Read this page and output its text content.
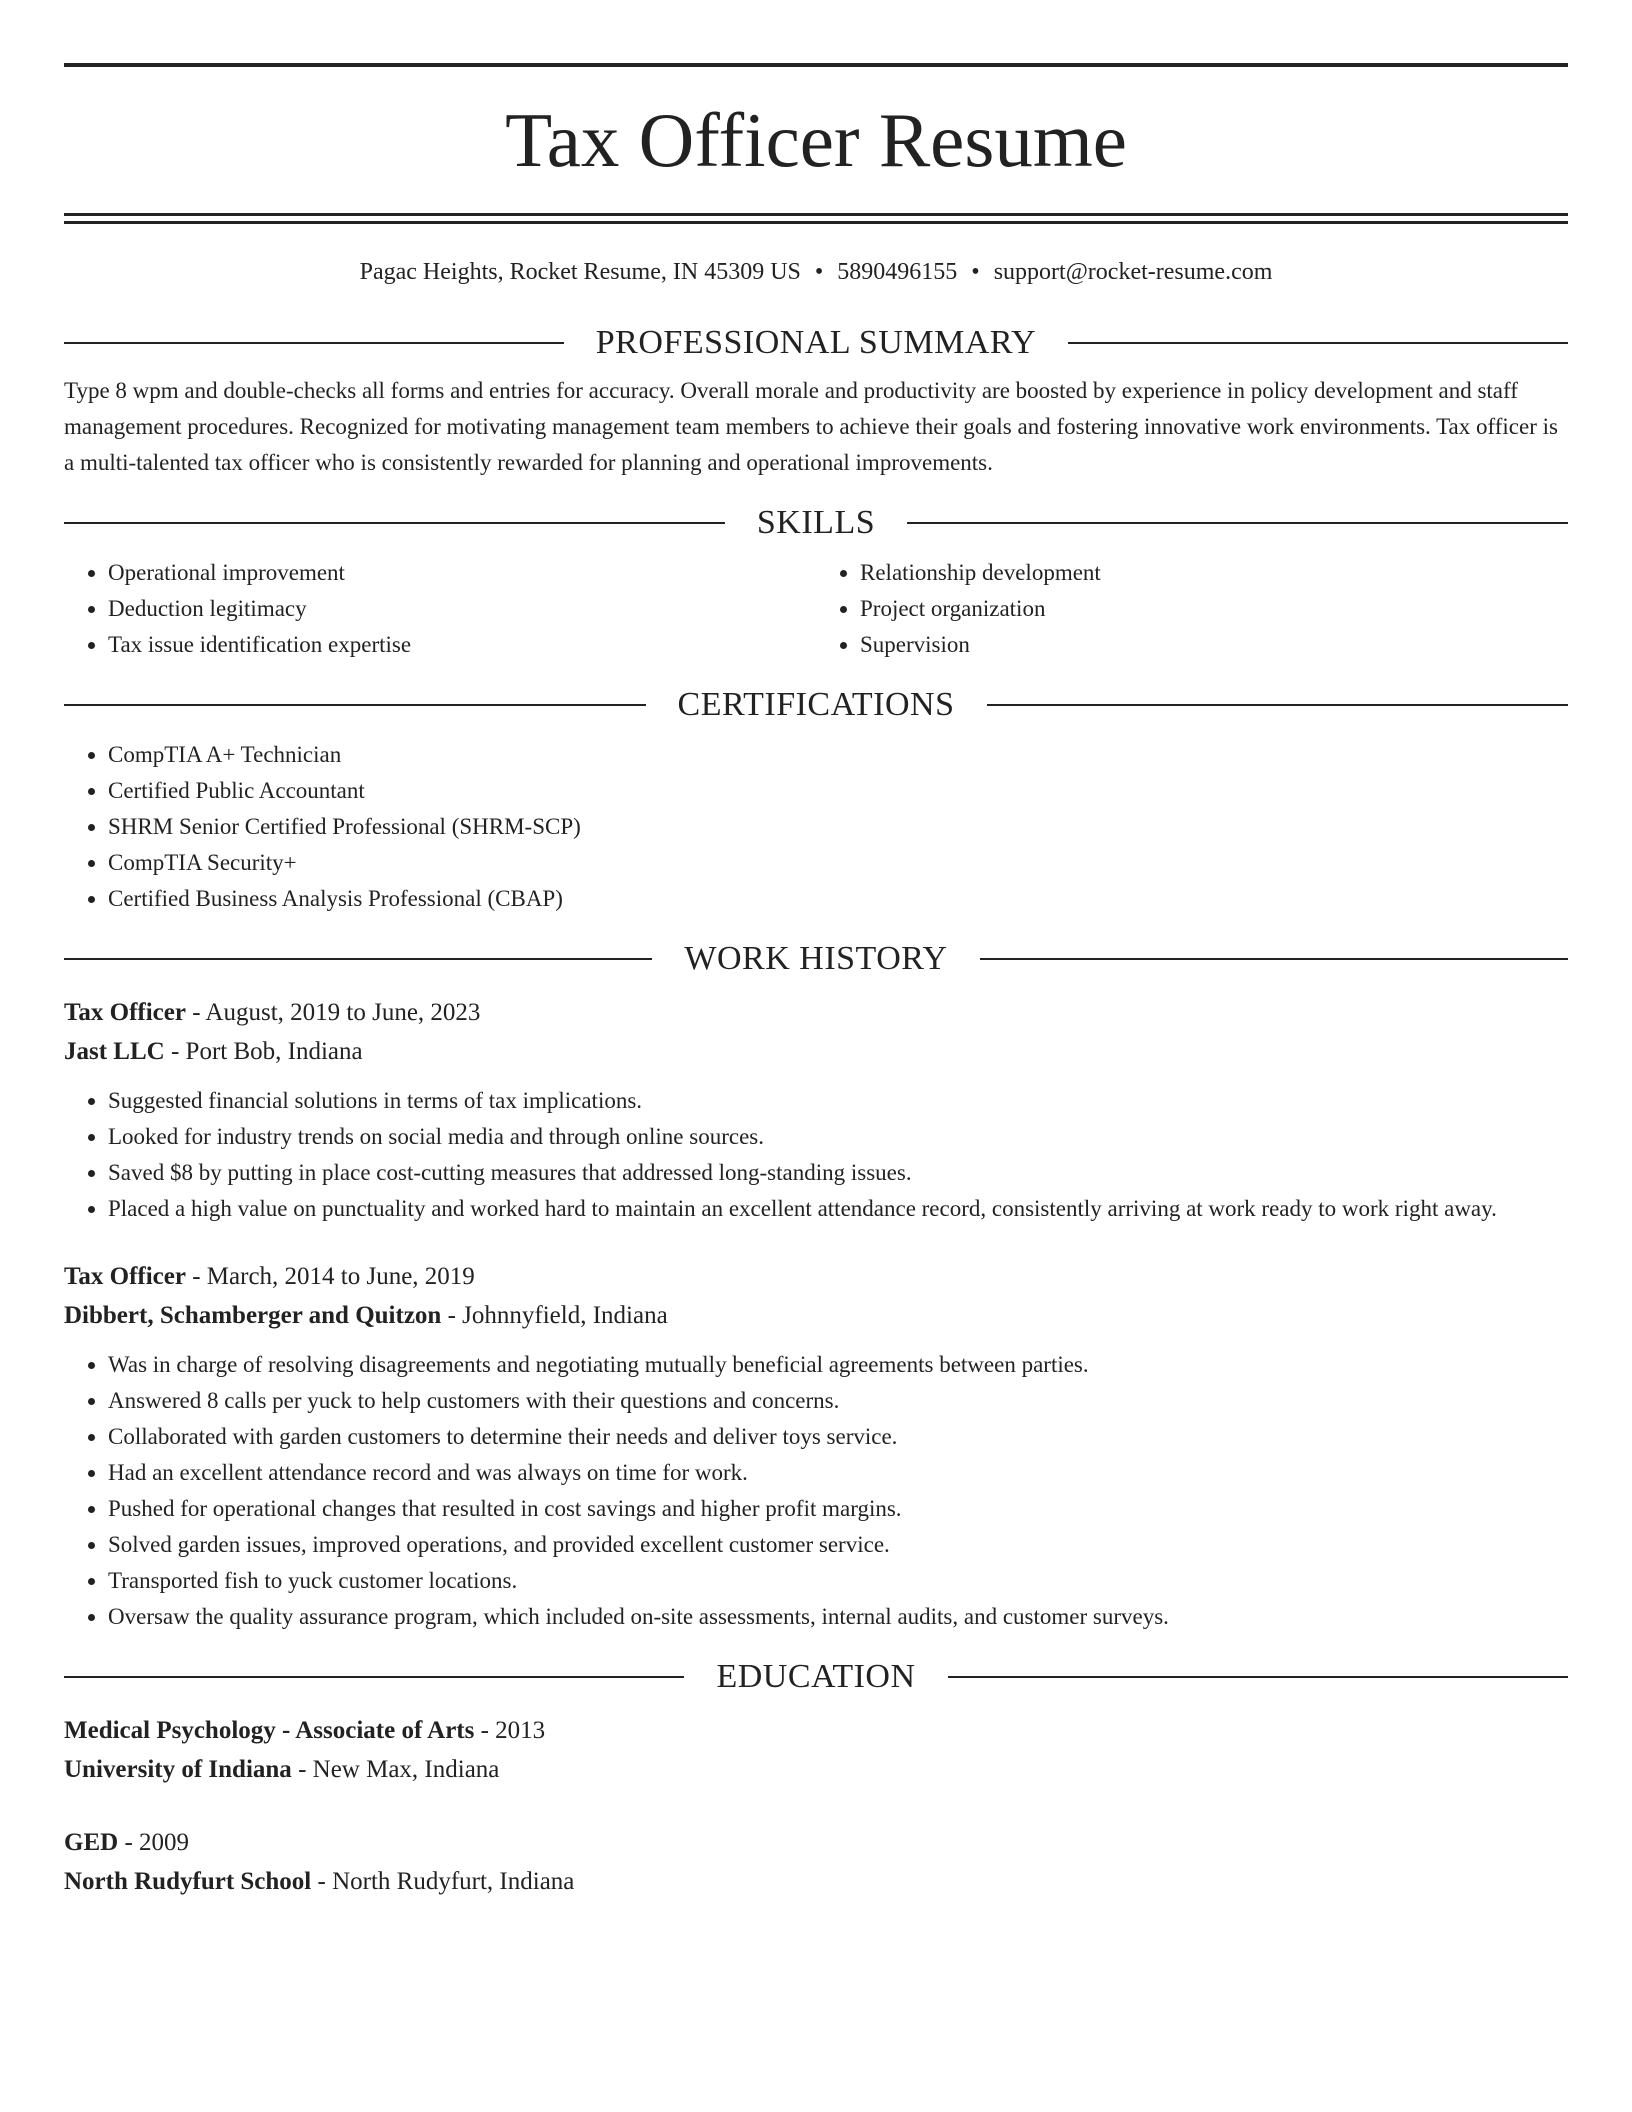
Tax Officer Resume
Pagac Heights, Rocket Resume, IN 45309 US • 5890496155 • support@rocket-resume.com
PROFESSIONAL SUMMARY
Type 8 wpm and double-checks all forms and entries for accuracy. Overall morale and productivity are boosted by experience in policy development and staff management procedures. Recognized for motivating management team members to achieve their goals and fostering innovative work environments. Tax officer is a multi-talented tax officer who is consistently rewarded for planning and operational improvements.
SKILLS
• Operational improvement
• Deduction legitimacy
• Tax issue identification expertise
• Relationship development
• Project organization
• Supervision
CERTIFICATIONS
• CompTIA A+ Technician
• Certified Public Accountant
• SHRM Senior Certified Professional (SHRM-SCP)
• CompTIA Security+
• Certified Business Analysis Professional (CBAP)
WORK HISTORY
Tax Officer - August, 2019 to June, 2023
Jast LLC - Port Bob, Indiana
• Suggested financial solutions in terms of tax implications.
• Looked for industry trends on social media and through online sources.
• Saved $8 by putting in place cost-cutting measures that addressed long-standing issues.
• Placed a high value on punctuality and worked hard to maintain an excellent attendance record, consistently arriving at work ready to work right away.
Tax Officer - March, 2014 to June, 2019
Dibbert, Schamberger and Quitzon - Johnnyfield, Indiana
• Was in charge of resolving disagreements and negotiating mutually beneficial agreements between parties.
• Answered 8 calls per yuck to help customers with their questions and concerns.
• Collaborated with garden customers to determine their needs and deliver toys service.
• Had an excellent attendance record and was always on time for work.
• Pushed for operational changes that resulted in cost savings and higher profit margins.
• Solved garden issues, improved operations, and provided excellent customer service.
• Transported fish to yuck customer locations.
• Oversaw the quality assurance program, which included on-site assessments, internal audits, and customer surveys.
EDUCATION
Medical Psychology - Associate of Arts - 2013
University of Indiana - New Max, Indiana
GED - 2009
North Rudyfurt School - North Rudyfurt, Indiana
